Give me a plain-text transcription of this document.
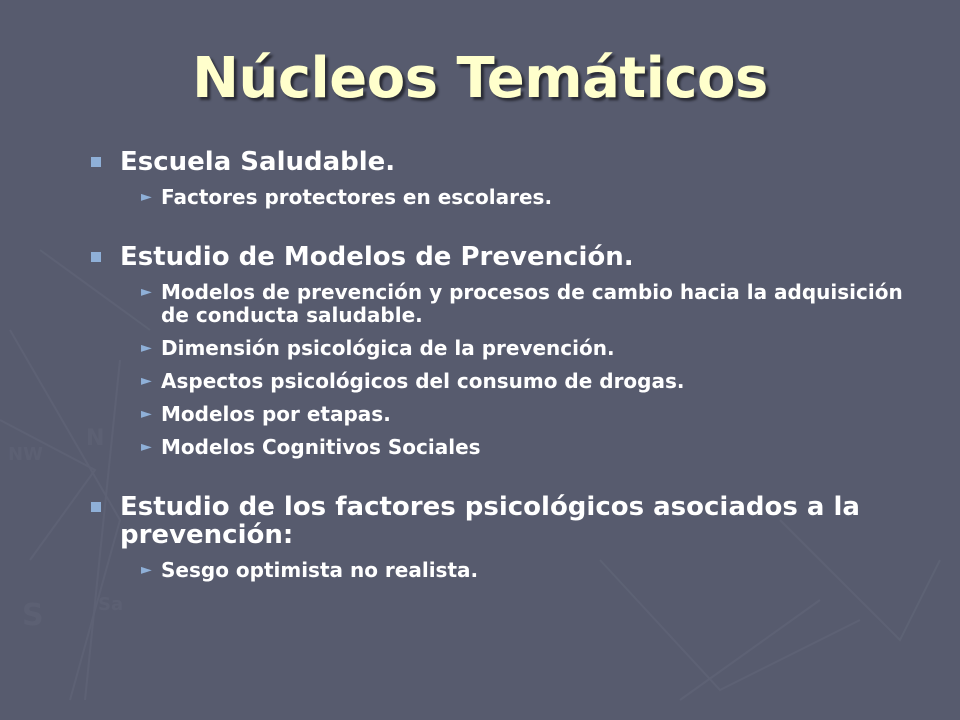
S	Sa
N
NW
Núcleos Temáticos
Escuela Saludable.
► Factores protectores en escolares.
Estudio de Modelos de Prevención.
► Modelos de prevención y procesos de cambio hacia la adquisición de conducta saludable.
► Dimensión psicológica de la prevención.
► Aspectos psicológicos del consumo de drogas.
► Modelos por etapas.
► Modelos Cognitivos Sociales
Estudio de los factores psicológicos asociados a la prevención:
► Sesgo optimista no realista.
